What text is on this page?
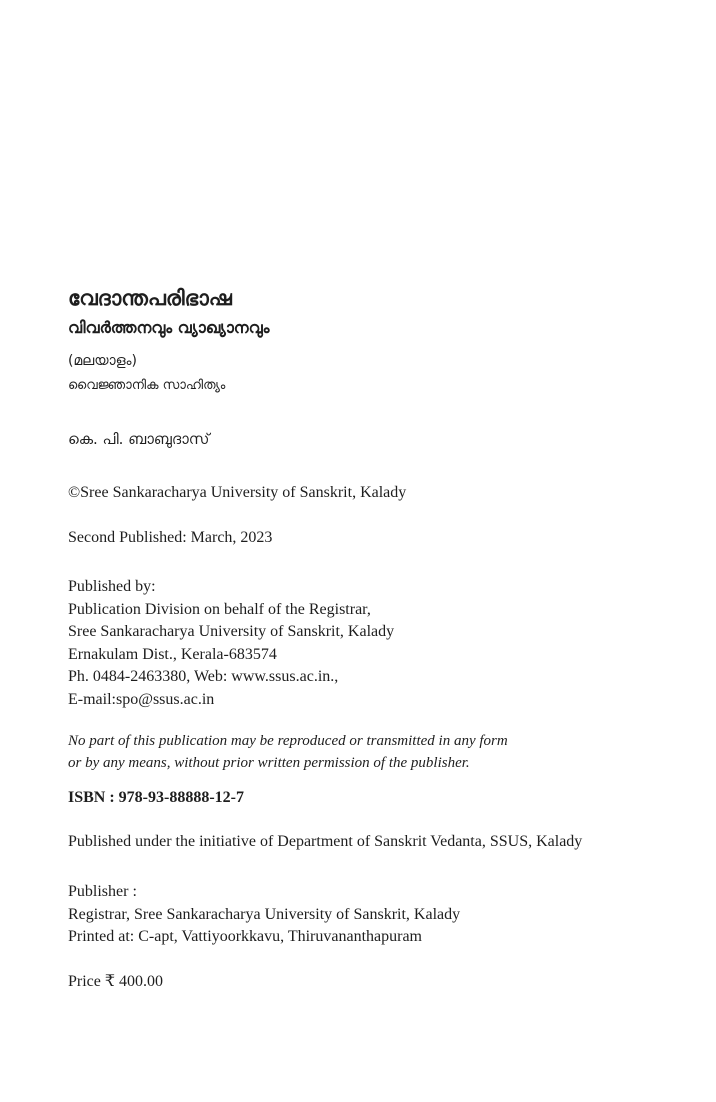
വേദാന്തപരിഭാഷ
വിവർത്തനവും വ്യാഖ്യാനവും
(മലയാളം)
വൈജ്ഞാനിക സാഹിത്യം
കെ. പി. ബാബുദാസ്
©Sree Sankaracharya University of Sanskrit, Kalady
Second Published: March, 2023
Published by:
Publication Division on behalf of the Registrar,
Sree Sankaracharya University of Sanskrit, Kalady
Ernakulam Dist., Kerala-683574
Ph. 0484-2463380, Web: www.ssus.ac.in.,
E-mail:spo@ssus.ac.in
No part of this publication may be reproduced or transmitted in any form
or by any means, without prior written permission of the publisher.
ISBN : 978-93-88888-12-7
Published under the initiative of Department of Sanskrit Vedanta, SSUS, Kalady
Publisher :
Registrar, Sree Sankaracharya University of Sanskrit, Kalady
Printed at: C-apt, Vattiyoorkkavu, Thiruvananthapuram
Price ₹ 400.00
